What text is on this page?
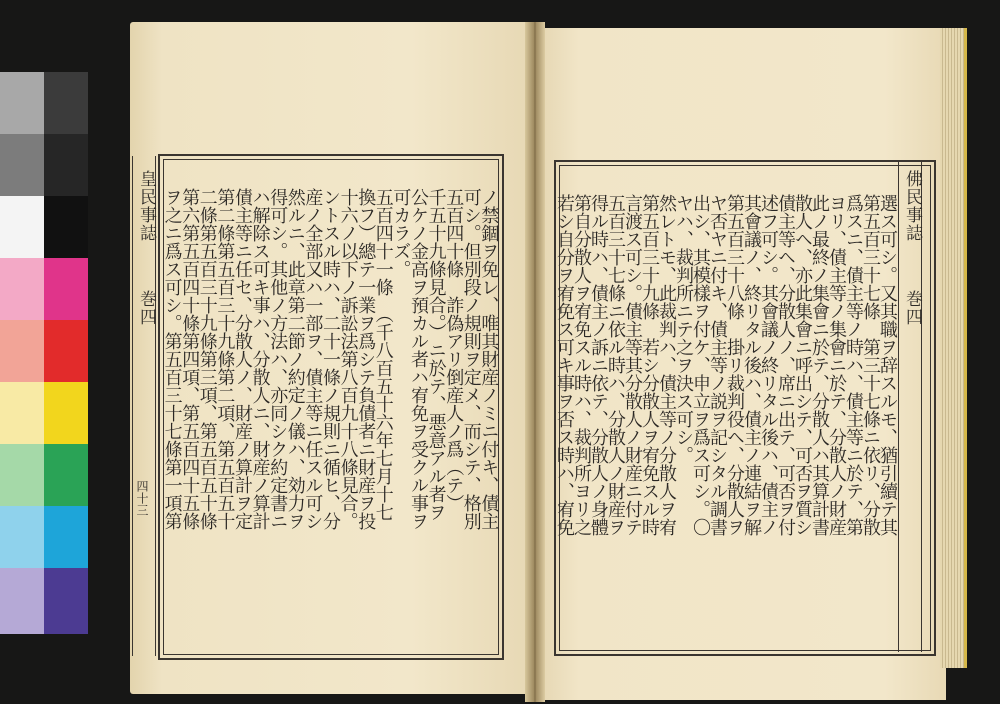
皇民事誌
巻四
四十三	ノ禁錮ヲ免レ、唯其財産ノミニ付キ、債主
可シ。但別段ノ規則ヲ定メ、而シテ、格別
五百四十條　詐偽アリ倒産人ノ爲（テ）
千五十九條見合。）ニ於テ、悪意アル者ヲ
公ケノ金高ヲ預カル者ハ宥免ヲ受クル事ヲ
可カラズ。
五百四十一條　（千八百五十六年七月十七
換フ）總テ一業ヲ爲シテ負債者ニ財産ヲ投
十六ノ以下ノ訴訟法第八百九十八條見合。
ントスル時ハ、二十一條ノ規則ニ循ヒ、分
産ノ全部又ハ一部ヲ、債主等ニ任スル可シ
然ルニ、此章第二節ノ約定ノ儀ハ、効力ヲ
得可シ。其他ノ方法ハ、亦同シク約定書ニ
ハ解除ス可キ事ハ、分散人ニ、財産ノ算計
債主等ニ任セ、分散人ノ、財産ノ算計ヲ定
第二條第五百三十九條第二項、第五百五十
二條第五百三十九條第三項、第五百五十條
第六第五百四十條第四項、第五百四十五條
ヲ之ニ爲ス可シ。第五百三十七條第一項第	佛民事誌
巻四
選ス可シ。又其職ヲ辞スルモ、猶引續テ其
第五百三十七條　第三十七條ニ依リ、分散
爲スニ、債主等ノ時ハ、債主等ニ於テ、第
ヨリ、債主等ノ集會ニ於テ、分散人ノ財産
此ノ最終ノ集會ニ於テ、分散人ハ其算計書
散人ヘ、亦此集會ニ呼出シテ、可否ヲ質シ
債主等ヘ、分散人ノ、席ニ出テ、可否ヲ付
述フ可シ。其會議ノ終リタル後ハ、債主ノ
其會議ノ、終リタル後ハ、債主ノ連結ヲ解
第五百三十八條　掛リ裁判役ヘ、分散人ヲ
ヤ否ヤニ付キ、債主等ノ説ヲ記シタル調書
出シ、其模樣ヲ付ケ、申立ヲ爲ス可シ。〇
ヤハ、裁判所ニテ之ヲ決ス可シ。
然レトモ、此裁判ハ、債主等ノ分散人ヲ宥
第五百三十九條　若シ分散人ヲ宥免スル時
言渡ス可シ。債主等其分散人ノ財産ニ付テ
五百三十七條ニ依ル時ハ、分散人ノ財産ヲ
得ル時ハ、債主ノ訴ニ依テ、分散人ノ身體
第自分散人ヲ宥免スル時ハ、裁判所ヨリ之
若シ自分ヲ宥免ス可キ事ヲ否ス時ハ、宥免
